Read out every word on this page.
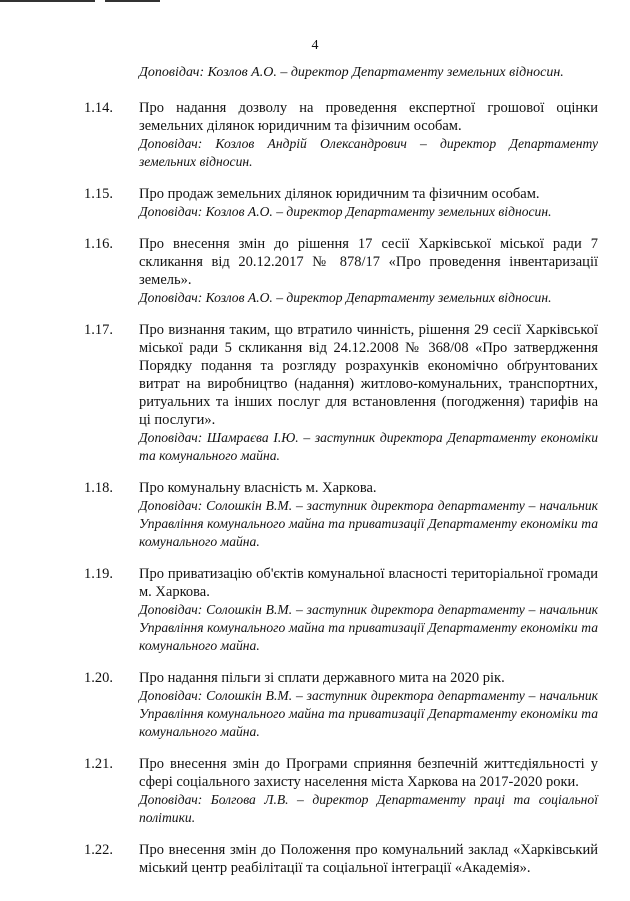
4
Доповідач: Козлов А.О. – директор Департаменту земельних відносин.
1.14. Про надання дозволу на проведення експертної грошової оцінки земельних ділянок юридичним та фізичним особам.
Доповідач: Козлов Андрій Олександрович – директор Департаменту земельних відносин.
1.15. Про продаж земельних ділянок юридичним та фізичним особам.
Доповідач: Козлов А.О. – директор Департаменту земельних відносин.
1.16. Про внесення змін до рішення 17 сесії Харківської міської ради 7 скликання від 20.12.2017 № 878/17 «Про проведення інвентаризації земель».
Доповідач: Козлов А.О. – директор Департаменту земельних відносин.
1.17. Про визнання таким, що втратило чинність, рішення 29 сесії Харківської міської ради 5 скликання від 24.12.2008 № 368/08 «Про затвердження Порядку подання та розгляду розрахунків економічно обґрунтованих витрат на виробництво (надання) житлово-комунальних, транспортних, ритуальних та інших послуг для встановлення (погодження) тарифів на ці послуги».
Доповідач: Шамраєва І.Ю. – заступник директора Департаменту економіки та комунального майна.
1.18. Про комунальну власність м. Харкова.
Доповідач: Солошкін В.М. – заступник директора департаменту – начальник Управління комунального майна та приватизації Департаменту економіки та комунального майна.
1.19. Про приватизацію об'єктів комунальної власності територіальної громади м. Харкова.
Доповідач: Солошкін В.М. – заступник директора департаменту – начальник Управління комунального майна та приватизації Департаменту економіки та комунального майна.
1.20. Про надання пільги зі сплати державного мита на 2020 рік.
Доповідач: Солошкін В.М. – заступник директора департаменту – начальник Управління комунального майна та приватизації Департаменту економіки та комунального майна.
1.21. Про внесення змін до Програми сприяння безпечній життєдіяльності у сфері соціального захисту населення міста Харкова на 2017-2020 роки.
Доповідач: Болгова Л.В. – директор Департаменту праці та соціальної політики.
1.22. Про внесення змін до Положення про комунальний заклад «Харківський міський центр реабілітації та соціальної інтеграції «Академія».
